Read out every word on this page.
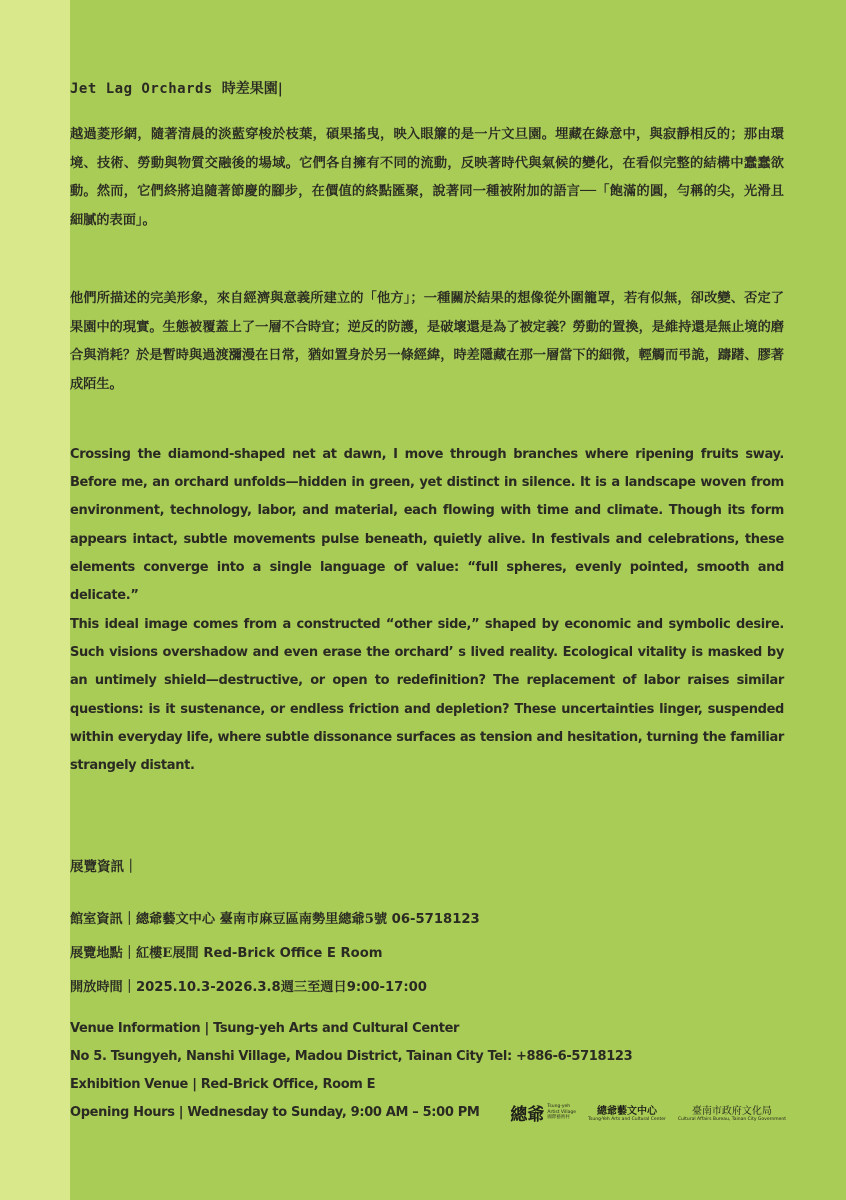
Jet Lag Orchards 時差果園|

越過菱形網，隨著清晨的淡藍穿梭於枝葉，碩果搖曳，映入眼簾的是一片文旦園。埋藏在綠意中，與寂靜相反的；那由環境、技術、勞動與物質交融後的場域。它們各自擁有不同的流動，反映著時代與氣候的變化，在看似完整的結構中蠢蠢欲動。然而，它們終將追隨著節慶的腳步，在價值的終點匯聚，說著同一種被附加的語言──「飽滿的圓，勻稱的尖，光滑且細膩的表面」。

他們所描述的完美形象，來自經濟與意義所建立的「他方」；一種關於結果的想像從外圍籠罩，若有似無，卻改變、否定了果園中的現實。生態被覆蓋上了一層不合時宜；逆反的防護，是破壞還是為了被定義？勞動的置換，是維持還是無止境的磨合與消耗？於是暫時與過渡瀰漫在日常，猶如置身於另一條經緯，時差隱藏在那一層當下的細微，輕觸而弔詭，躊躇、膠著成陌生。

Crossing the diamond-shaped net at dawn, I move through branches where ripening fruits sway. Before me, an orchard unfolds—hidden in green, yet distinct in silence. It is a landscape woven from environment, technology, labor, and material, each flowing with time and climate. Though its form appears intact, subtle movements pulse beneath, quietly alive. In festivals and celebrations, these elements converge into a single language of value: “full spheres, evenly pointed, smooth and delicate.”

This ideal image comes from a constructed “other side,” shaped by economic and symbolic desire. Such visions overshadow and even erase the orchard’ s lived reality. Ecological vitality is masked by an untimely shield—destructive, or open to redefinition? The replacement of labor raises similar questions: is it sustenance, or endless friction and depletion? These uncertainties linger, suspended within everyday life, where subtle dissonance surfaces as tension and hesitation, turning the familiar strangely distant.

展覽資訊｜
館室資訊｜總爺藝文中心 臺南市麻豆區南勢里總爺5號 06-5718123
展覽地點｜紅樓E展間 Red-Brick Office E Room
開放時間｜2025.10.3-2026.3.8週三至週日9:00-17:00
Venue Information | Tsung-yeh Arts and Cultural Center
No 5. Tsungyeh, Nanshi Village, Madou District, Tainan City Tel: +886-6-5718123
Exhibition Venue | Red-Brick Office, Room E
Opening Hours | Wednesday to Sunday, 9:00 AM – 5:00 PM 總爺 Tsung-yeh
Artist Village
國際藝術村
總爺藝文中心
Tsung-Yeh Arts and Cultural Center
臺南市政府文化局
Cultural Affairs Bureau, Tainan City Government
